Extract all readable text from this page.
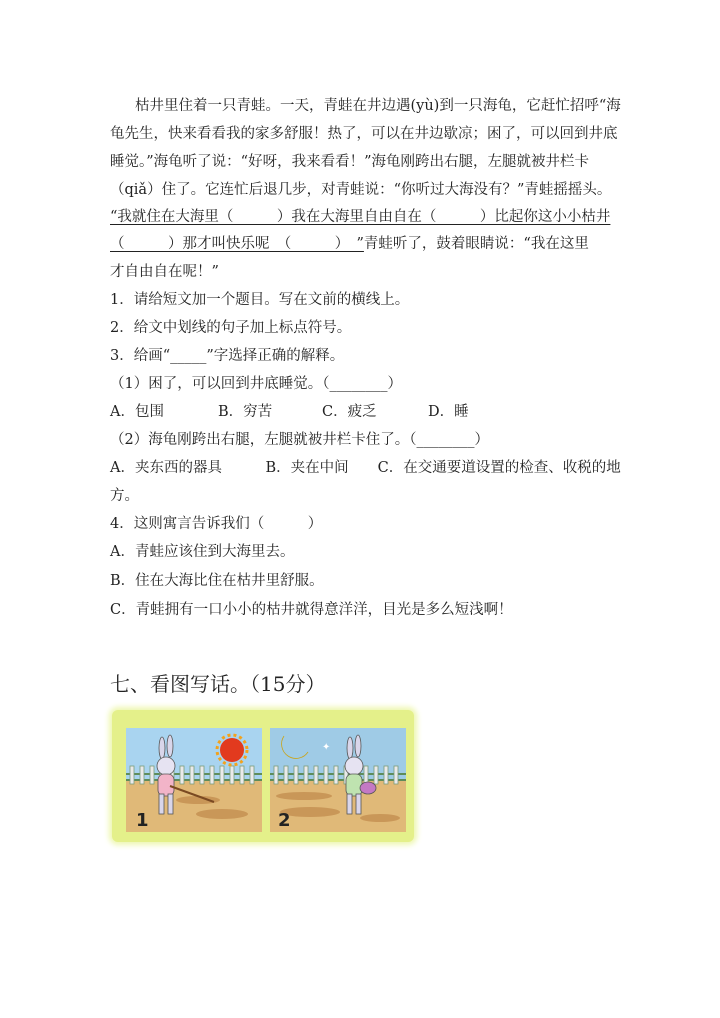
枯井里住着一只青蛙。一天，青蛙在井边遇(yù)到一只海龟，它赶忙招呼“海
龟先生，快来看看我的家多舒服！热了，可以在井边歇凉；困了，可以回到井底
睡觉。”海龟听了说：“好呀，我来看看！”海龟刚跨出右腿，左腿就被井栏卡
（qiǎ）住了。它连忙后退几步，对青蛙说：“你听过大海没有？”青蛙摇摇头。
“我就住在大海里（　　　）我在大海里自由自在（　　　）比起你这小小枯井
（　　　）那才叫快乐呢　（　　　）　”青蛙听了，鼓着眼睛说：“我在这里
才自由自在呢！”
1．请给短文加一个题目。写在文前的横线上。
2．给文中划线的句子加上标点符号。
3．给画“_____”字选择正确的解释。
（1）困了，可以回到井底睡觉。（________）
A．包围	B．穷苦	C．疲乏	D．睡
（2）海龟刚跨出右腿，左腿就被井栏卡住了。（________）
A．夹东西的器具　　　B．夹在中间　　C．在交通要道设置的检查、收税的地
方。
4．这则寓言告诉我们（　　　）
A．青蛙应该住到大海里去。
B．住在大海比住在枯井里舒服。
C．青蛙拥有一口小小的枯井就得意洋洋，目光是多么短浅啊！
七、看图写话。（15分）
1
✦
2
